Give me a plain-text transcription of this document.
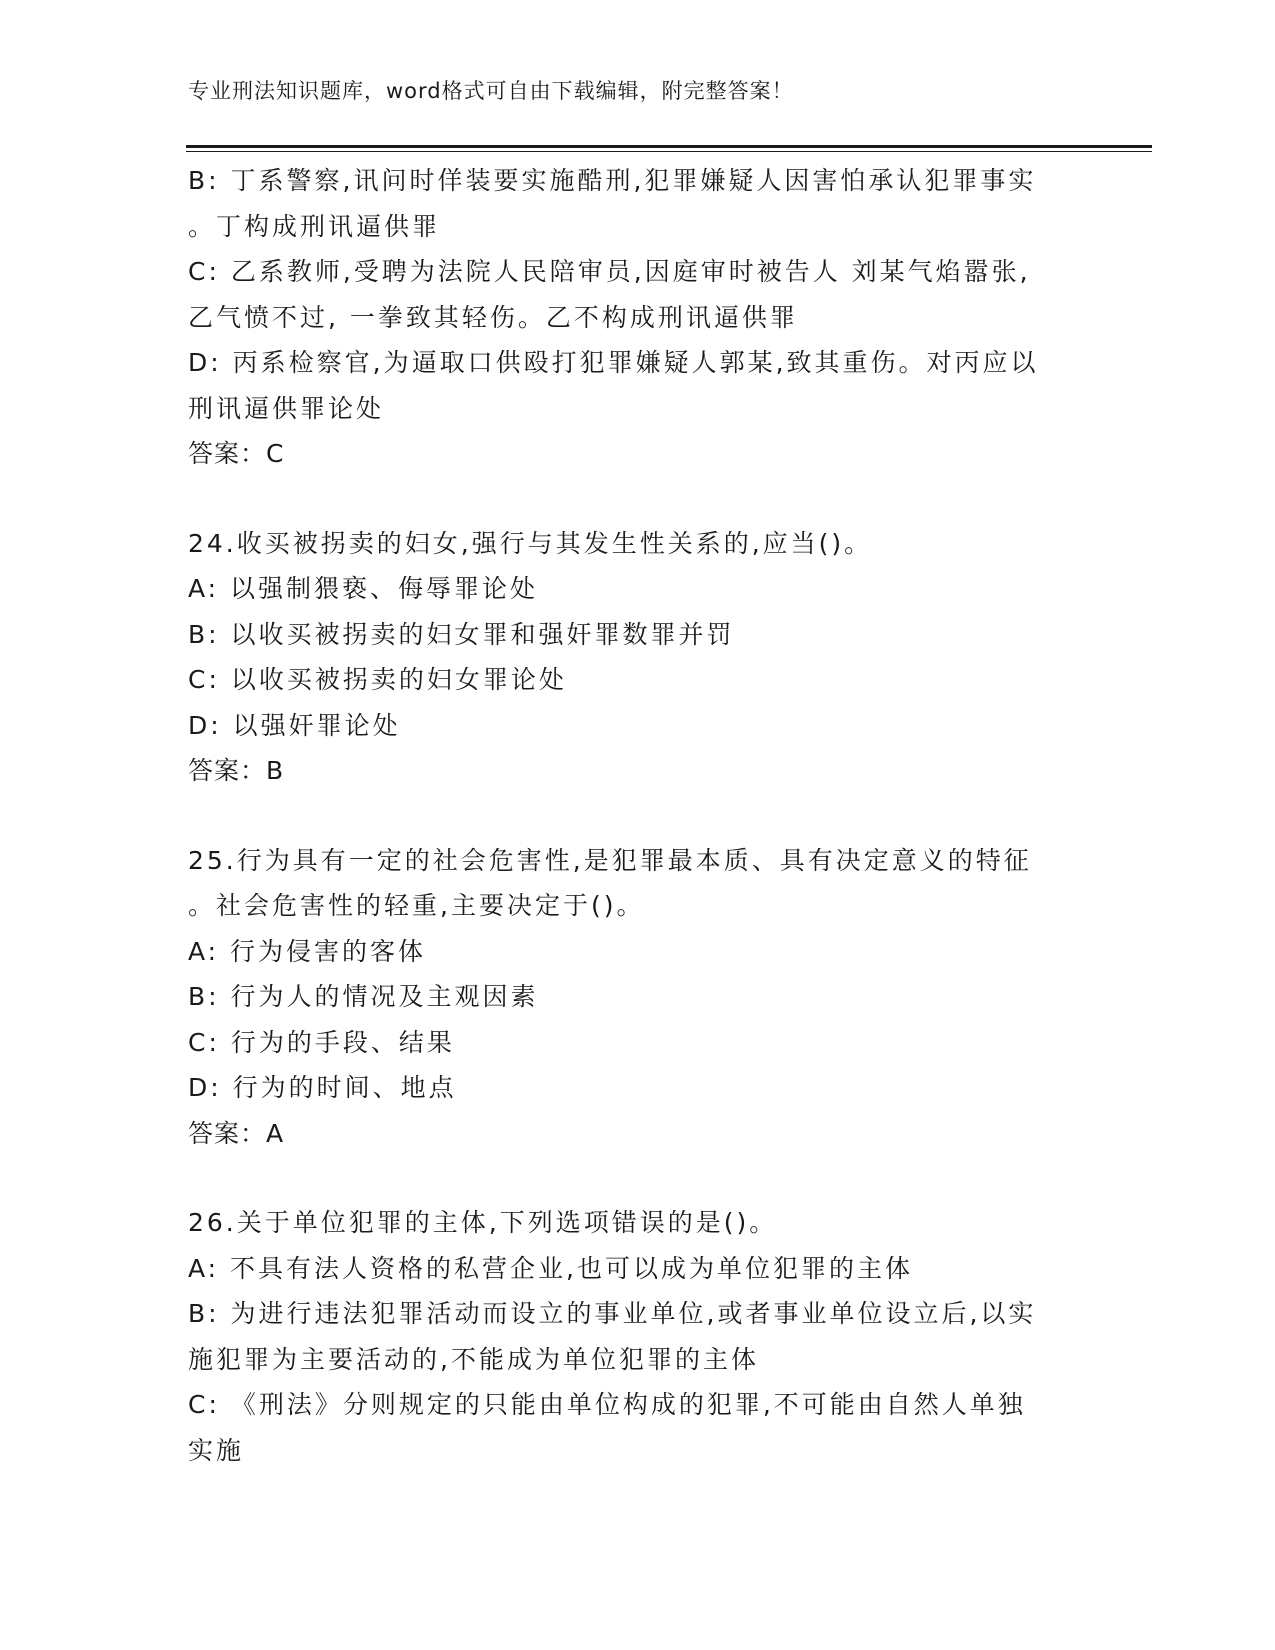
专业刑法知识题库，word格式可自由下载编辑，附完整答案！
B: 丁系警察,讯问时佯装要实施酷刑,犯罪嫌疑人因害怕承认犯罪事实
。丁构成刑讯逼供罪
C: 乙系教师,受聘为法院人民陪审员,因庭审时被告人 刘某气焰嚣张,
乙气愤不过, 一拳致其轻伤。乙不构成刑讯逼供罪
D: 丙系检察官,为逼取口供殴打犯罪嫌疑人郭某,致其重伤。对丙应以
刑讯逼供罪论处
答案：C
24.收买被拐卖的妇女,强行与其发生性关系的,应当()。
A: 以强制猥亵、侮辱罪论处
B: 以收买被拐卖的妇女罪和强奸罪数罪并罚
C: 以收买被拐卖的妇女罪论处
D: 以强奸罪论处
答案：B
25.行为具有一定的社会危害性,是犯罪最本质、具有决定意义的特征
。社会危害性的轻重,主要决定于()。
A: 行为侵害的客体
B: 行为人的情况及主观因素
C: 行为的手段、结果
D: 行为的时间、地点
答案：A
26.关于单位犯罪的主体,下列选项错误的是()。
A: 不具有法人资格的私营企业,也可以成为单位犯罪的主体
B: 为进行违法犯罪活动而设立的事业单位,或者事业单位设立后,以实
施犯罪为主要活动的,不能成为单位犯罪的主体
C: 《刑法》分则规定的只能由单位构成的犯罪,不可能由自然人单独
实施
